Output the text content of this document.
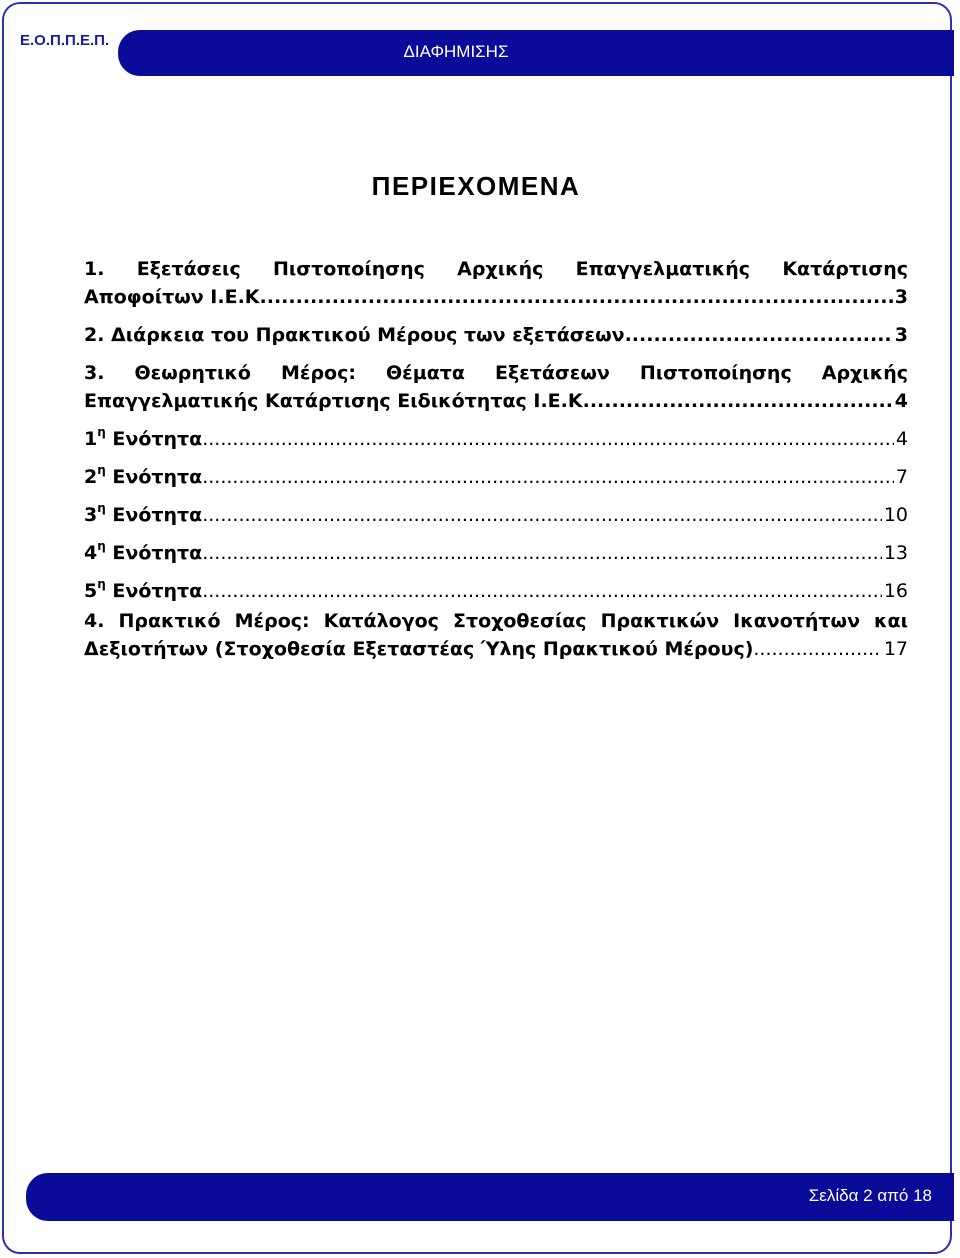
Ε.Ο.Π.Π.Ε.Π.
ΔΙΑΦΗΜΙΣΗΣ
ΠΕΡΙΕΧΟΜΕΝΑ
1. Εξετάσεις Πιστοποίησης Αρχικής Επαγγελματικής Κατάρτισης
Αποφοίτων Ι.Ε.Κ. .....	3
2. Διάρκεια του Πρακτικού Μέρους των εξετάσεων .....	3
3. Θεωρητικό Μέρος: Θέματα Εξετάσεων Πιστοποίησης Αρχικής
Επαγγελματικής Κατάρτισης Ειδικότητας Ι.Ε.Κ. .....	4
$1^\eta$ Ενότητα .....	4
$2^\eta$ Ενότητα .....	7
$3^\eta$ Ενότητα .....	10
$4^\eta$ Ενότητα .....	13
$5^\eta$ Ενότητα .....	16
4. Πρακτικό Μέρος: Κατάλογος Στοχοθεσίας Πρακτικών Ικανοτήτων και
Δεξιοτήτων (Στοχοθεσία Εξεταστέας Ύλης Πρακτικού Μέρους) .....	17
Σελίδα 2 από 18
